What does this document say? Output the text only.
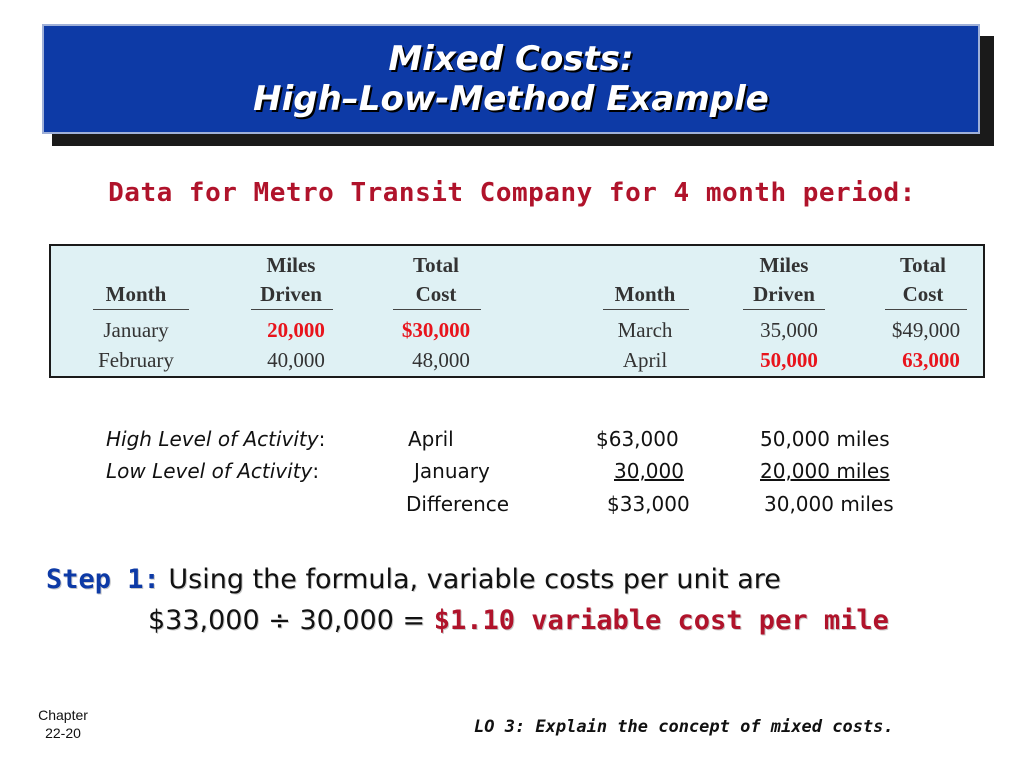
Mixed Costs:
High–Low-Method Example
Data for Metro Transit Company for 4 month period:
Miles	Total
Month	Driven	Cost
January	20,000	$30,000
February	40,000	48,000
Miles	Total
Month	Driven	Cost
March	35,000	$49,000
April	50,000	63,000
High Level of Activity:	April	$63,000	50,000 miles
Low Level of Activity:	January	30,000	20,000 miles
Difference	$33,000	30,000 miles
Step 1: Using the formula, variable costs per unit are
$33,000 ÷ 30,000 = $1.10 variable cost per mile
Chapter
22-20	LO 3: Explain the concept of mixed costs.
